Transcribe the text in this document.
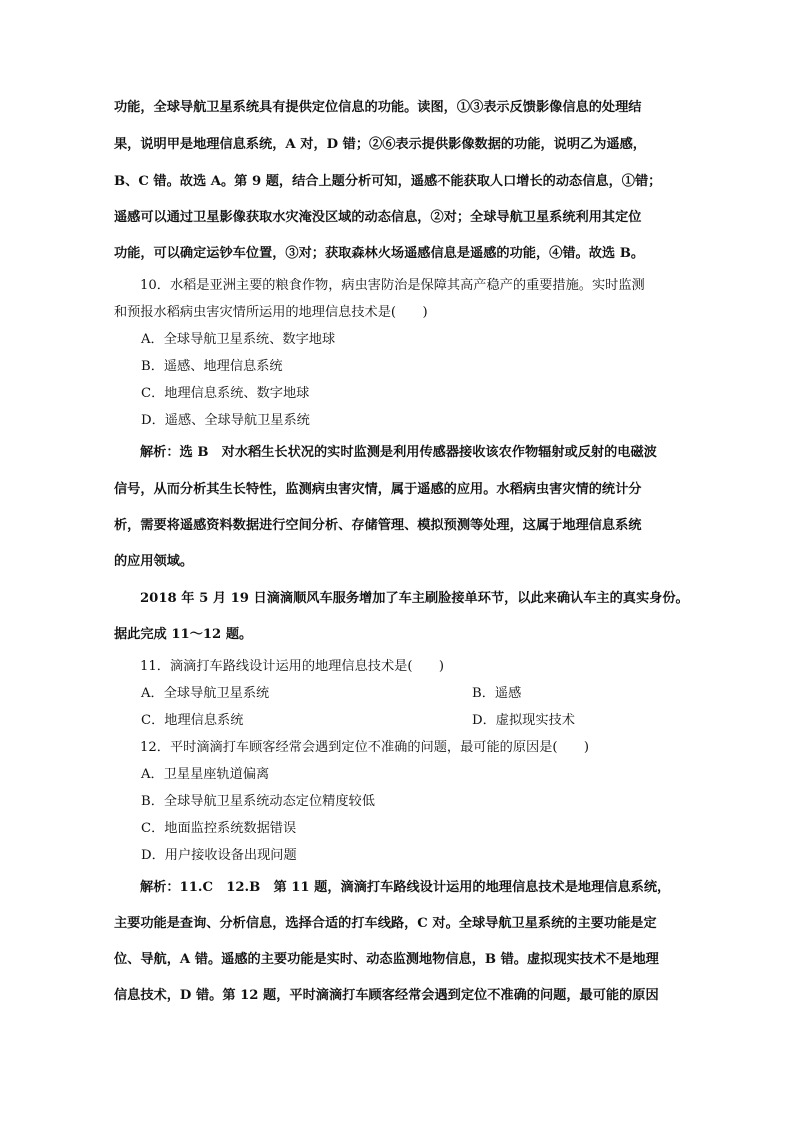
功能，全球导航卫星系统具有提供定位信息的功能。读图，①③表示反馈影像信息的处理结
果，说明甲是地理信息系统，A 对，D 错；②⑥表示提供影像数据的功能，说明乙为遥感，
B、C 错。故选 A。第 9 题，结合上题分析可知，遥感不能获取人口增长的动态信息，①错；
遥感可以通过卫星影像获取水灾淹没区域的动态信息，②对；全球导航卫星系统利用其定位
功能，可以确定运钞车位置，③对；获取森林火场遥感信息是遥感的功能，④错。故选 B。
10．水稻是亚洲主要的粮食作物，病虫害防治是保障其高产稳产的重要措施。实时监测
和预报水稻病虫害灾情所运用的地理信息技术是(　　)
A．全球导航卫星系统、数字地球
B．遥感、地理信息系统
C．地理信息系统、数字地球
D．遥感、全球导航卫星系统
解析：选 B　对水稻生长状况的实时监测是利用传感器接收该农作物辐射或反射的电磁波
信号，从而分析其生长特性，监测病虫害灾情，属于遥感的应用。水稻病虫害灾情的统计分
析，需要将遥感资料数据进行空间分析、存储管理、模拟预测等处理，这属于地理信息系统
的应用领域。
2018 年 5 月 19 日滴滴顺风车服务增加了车主刷脸接单环节，以此来确认车主的真实身份。
据此完成 11～12 题。
11．滴滴打车路线设计运用的地理信息技术是(　　)
A．全球导航卫星系统	B．遥感
C．地理信息系统	D．虚拟现实技术
12．平时滴滴打车顾客经常会遇到定位不准确的问题，最可能的原因是(　　)
A．卫星星座轨道偏离
B．全球导航卫星系统动态定位精度较低
C．地面监控系统数据错误
D．用户接收设备出现问题
解析：11.C　12.B　第 11 题，滴滴打车路线设计运用的地理信息技术是地理信息系统，
主要功能是查询、分析信息，选择合适的打车线路，C 对。全球导航卫星系统的主要功能是定
位、导航，A 错。遥感的主要功能是实时、动态监测地物信息，B 错。虚拟现实技术不是地理
信息技术，D 错。第 12 题，平时滴滴打车顾客经常会遇到定位不准确的问题，最可能的原因
